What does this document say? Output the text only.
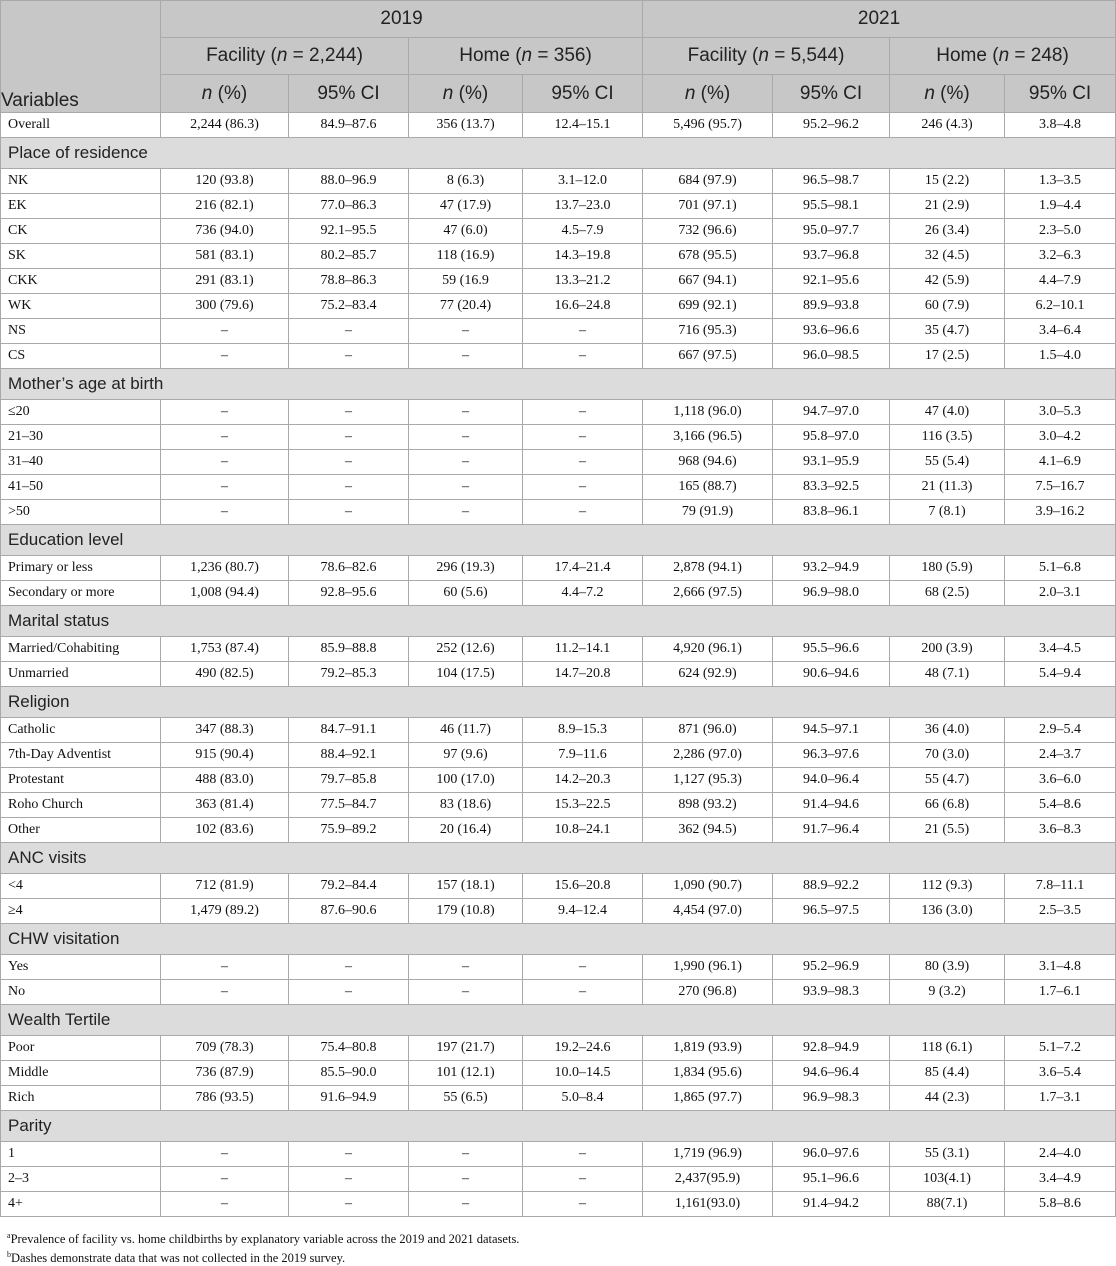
Variables	2019				2021			
	Facility (n = 2,244)		Home (n = 356)		Facility (n = 5,544)		Home (n = 248)	
	n (%)	95% CI	n (%)	95% CI	n (%)	95% CI	n (%)	95% CI
Overall	2,244 (86.3)	84.9–87.6	356 (13.7)	12.4–15.1	5,496 (95.7)	95.2–96.2	246 (4.3)	3.8–4.8
Place of residence								
NK	120 (93.8)	88.0–96.9	8 (6.3)	3.1–12.0	684 (97.9)	96.5–98.7	15 (2.2)	1.3–3.5
EK	216 (82.1)	77.0–86.3	47 (17.9)	13.7–23.0	701 (97.1)	95.5–98.1	21 (2.9)	1.9–4.4
CK	736 (94.0)	92.1–95.5	47 (6.0)	4.5–7.9	732 (96.6)	95.0–97.7	26 (3.4)	2.3–5.0
SK	581 (83.1)	80.2–85.7	118 (16.9)	14.3–19.8	678 (95.5)	93.7–96.8	32 (4.5)	3.2–6.3
CKK	291 (83.1)	78.8–86.3	59 (16.9	13.3–21.2	667 (94.1)	92.1–95.6	42 (5.9)	4.4–7.9
WK	300 (79.6)	75.2–83.4	77 (20.4)	16.6–24.8	699 (92.1)	89.9–93.8	60 (7.9)	6.2–10.1
NS	–	–	–	–	716 (95.3)	93.6–96.6	35 (4.7)	3.4–6.4
CS	–	–	–	–	667 (97.5)	96.0–98.5	17 (2.5)	1.5–4.0
Mother’s age at birth								
≤20	–	–	–	–	1,118 (96.0)	94.7–97.0	47 (4.0)	3.0–5.3
21–30	–	–	–	–	3,166 (96.5)	95.8–97.0	116 (3.5)	3.0–4.2
31–40	–	–	–	–	968 (94.6)	93.1–95.9	55 (5.4)	4.1–6.9
41–50	–	–	–	–	165 (88.7)	83.3–92.5	21 (11.3)	7.5–16.7
>50	–	–	–	–	79 (91.9)	83.8–96.1	7 (8.1)	3.9–16.2
Education level								
Primary or less	1,236 (80.7)	78.6–82.6	296 (19.3)	17.4–21.4	2,878 (94.1)	93.2–94.9	180 (5.9)	5.1–6.8
Secondary or more	1,008 (94.4)	92.8–95.6	60 (5.6)	4.4–7.2	2,666 (97.5)	96.9–98.0	68 (2.5)	2.0–3.1
Marital status								
Married/Cohabiting	1,753 (87.4)	85.9–88.8	252 (12.6)	11.2–14.1	4,920 (96.1)	95.5–96.6	200 (3.9)	3.4–4.5
Unmarried	490 (82.5)	79.2–85.3	104 (17.5)	14.7–20.8	624 (92.9)	90.6–94.6	48 (7.1)	5.4–9.4
Religion								
Catholic	347 (88.3)	84.7–91.1	46 (11.7)	8.9–15.3	871 (96.0)	94.5–97.1	36 (4.0)	2.9–5.4
7th-Day Adventist	915 (90.4)	88.4–92.1	97 (9.6)	7.9–11.6	2,286 (97.0)	96.3–97.6	70 (3.0)	2.4–3.7
Protestant	488 (83.0)	79.7–85.8	100 (17.0)	14.2–20.3	1,127 (95.3)	94.0–96.4	55 (4.7)	3.6–6.0
Roho Church	363 (81.4)	77.5–84.7	83 (18.6)	15.3–22.5	898 (93.2)	91.4–94.6	66 (6.8)	5.4–8.6
Other	102 (83.6)	75.9–89.2	20 (16.4)	10.8–24.1	362 (94.5)	91.7–96.4	21 (5.5)	3.6–8.3
ANC visits								
<4	712 (81.9)	79.2–84.4	157 (18.1)	15.6–20.8	1,090 (90.7)	88.9–92.2	112 (9.3)	7.8–11.1
≥4	1,479 (89.2)	87.6–90.6	179 (10.8)	9.4–12.4	4,454 (97.0)	96.5–97.5	136 (3.0)	2.5–3.5
CHW visitation								
Yes	–	–	–	–	1,990 (96.1)	95.2–96.9	80 (3.9)	3.1–4.8
No	–	–	–	–	270 (96.8)	93.9–98.3	9 (3.2)	1.7–6.1
Wealth Tertile								
Poor	709 (78.3)	75.4–80.8	197 (21.7)	19.2–24.6	1,819 (93.9)	92.8–94.9	118 (6.1)	5.1–7.2
Middle	736 (87.9)	85.5–90.0	101 (12.1)	10.0–14.5	1,834 (95.6)	94.6–96.4	85 (4.4)	3.6–5.4
Rich	786 (93.5)	91.6–94.9	55 (6.5)	5.0–8.4	1,865 (97.7)	96.9–98.3	44 (2.3)	1.7–3.1
Parity								
1	–	–	–	–	1,719 (96.9)	96.0–97.6	55 (3.1)	2.4–4.0
2–3	–	–	–	–	2,437(95.9)	95.1–96.6	103(4.1)	3.4–4.9
4+	–	–	–	–	1,161(93.0)	91.4–94.2	88(7.1)	5.8–8.6
$^a$Prevalence of facility vs. home childbirths by explanatory variable across the 2019 and 2021 datasets.
$^b$Dashes demonstrate data that was not collected in the 2019 survey.
